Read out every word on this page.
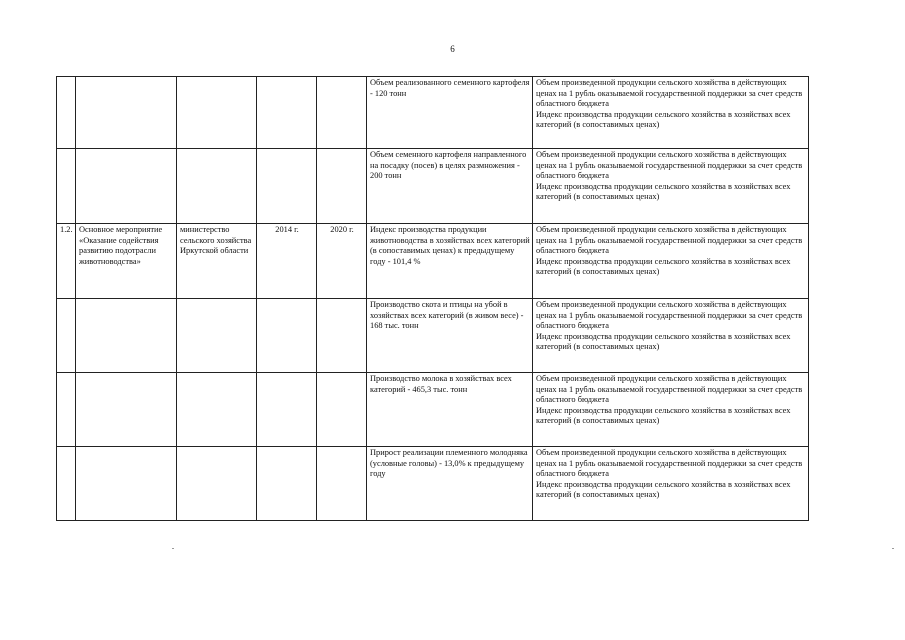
6
					Объем реализованного семенного картофеля - 120 тонн	Объем произведенной продукции сельского хозяйства в действующих ценах на 1 рубль оказываемой государственной поддержки за счет средств областного бюджета
Индекс производства продукции сельского хозяйства в хозяйствах всех категорий (в сопоставимых ценах)

					Объем семенного картофеля направленного на посадку (посев) в целях размножения - 200 тонн	Объем произведенной продукции сельского хозяйства в действующих ценах на 1 рубль оказываемой государственной поддержки за счет средств областного бюджета
Индекс производства продукции сельского хозяйства в хозяйствах всех категорий (в сопоставимых ценах)

1.2.	Основное мероприятие «Оказание содействия развитию подотрасли животноводства»	министерство сельского хозяйства Иркутской области	2014 г.	2020 г.	Индекс производства продукции животноводства в хозяйствах всех категорий (в сопоставимых ценах) к предыдущему году - 101,4 %	Объем произведенной продукции сельского хозяйства в действующих ценах на 1 рубль оказываемой государственной поддержки за счет средств областного бюджета
Индекс производства продукции сельского хозяйства в хозяйствах всех категорий (в сопоставимых ценах)

					Производство скота и птицы на убой в хозяйствах всех категорий (в живом весе) - 168 тыс. тонн	Объем произведенной продукции сельского хозяйства в действующих ценах на 1 рубль оказываемой государственной поддержки за счет средств областного бюджета
Индекс производства продукции сельского хозяйства в хозяйствах всех категорий (в сопоставимых ценах)

					Производство молока в хозяйствах всех категорий - 465,3 тыс. тонн	Объем произведенной продукции сельского хозяйства в действующих ценах на 1 рубль оказываемой государственной поддержки за счет средств областного бюджета
Индекс производства продукции сельского хозяйства в хозяйствах всех категорий (в сопоставимых ценах)

					Прирост реализации племенного молодняка (условные головы) - 13,0% к предыдущему году	Объем произведенной продукции сельского хозяйства в действующих ценах на 1 рубль оказываемой государственной поддержки за счет средств областного бюджета
Индекс производства продукции сельского хозяйства в хозяйствах всех категорий (в сопоставимых ценах)
